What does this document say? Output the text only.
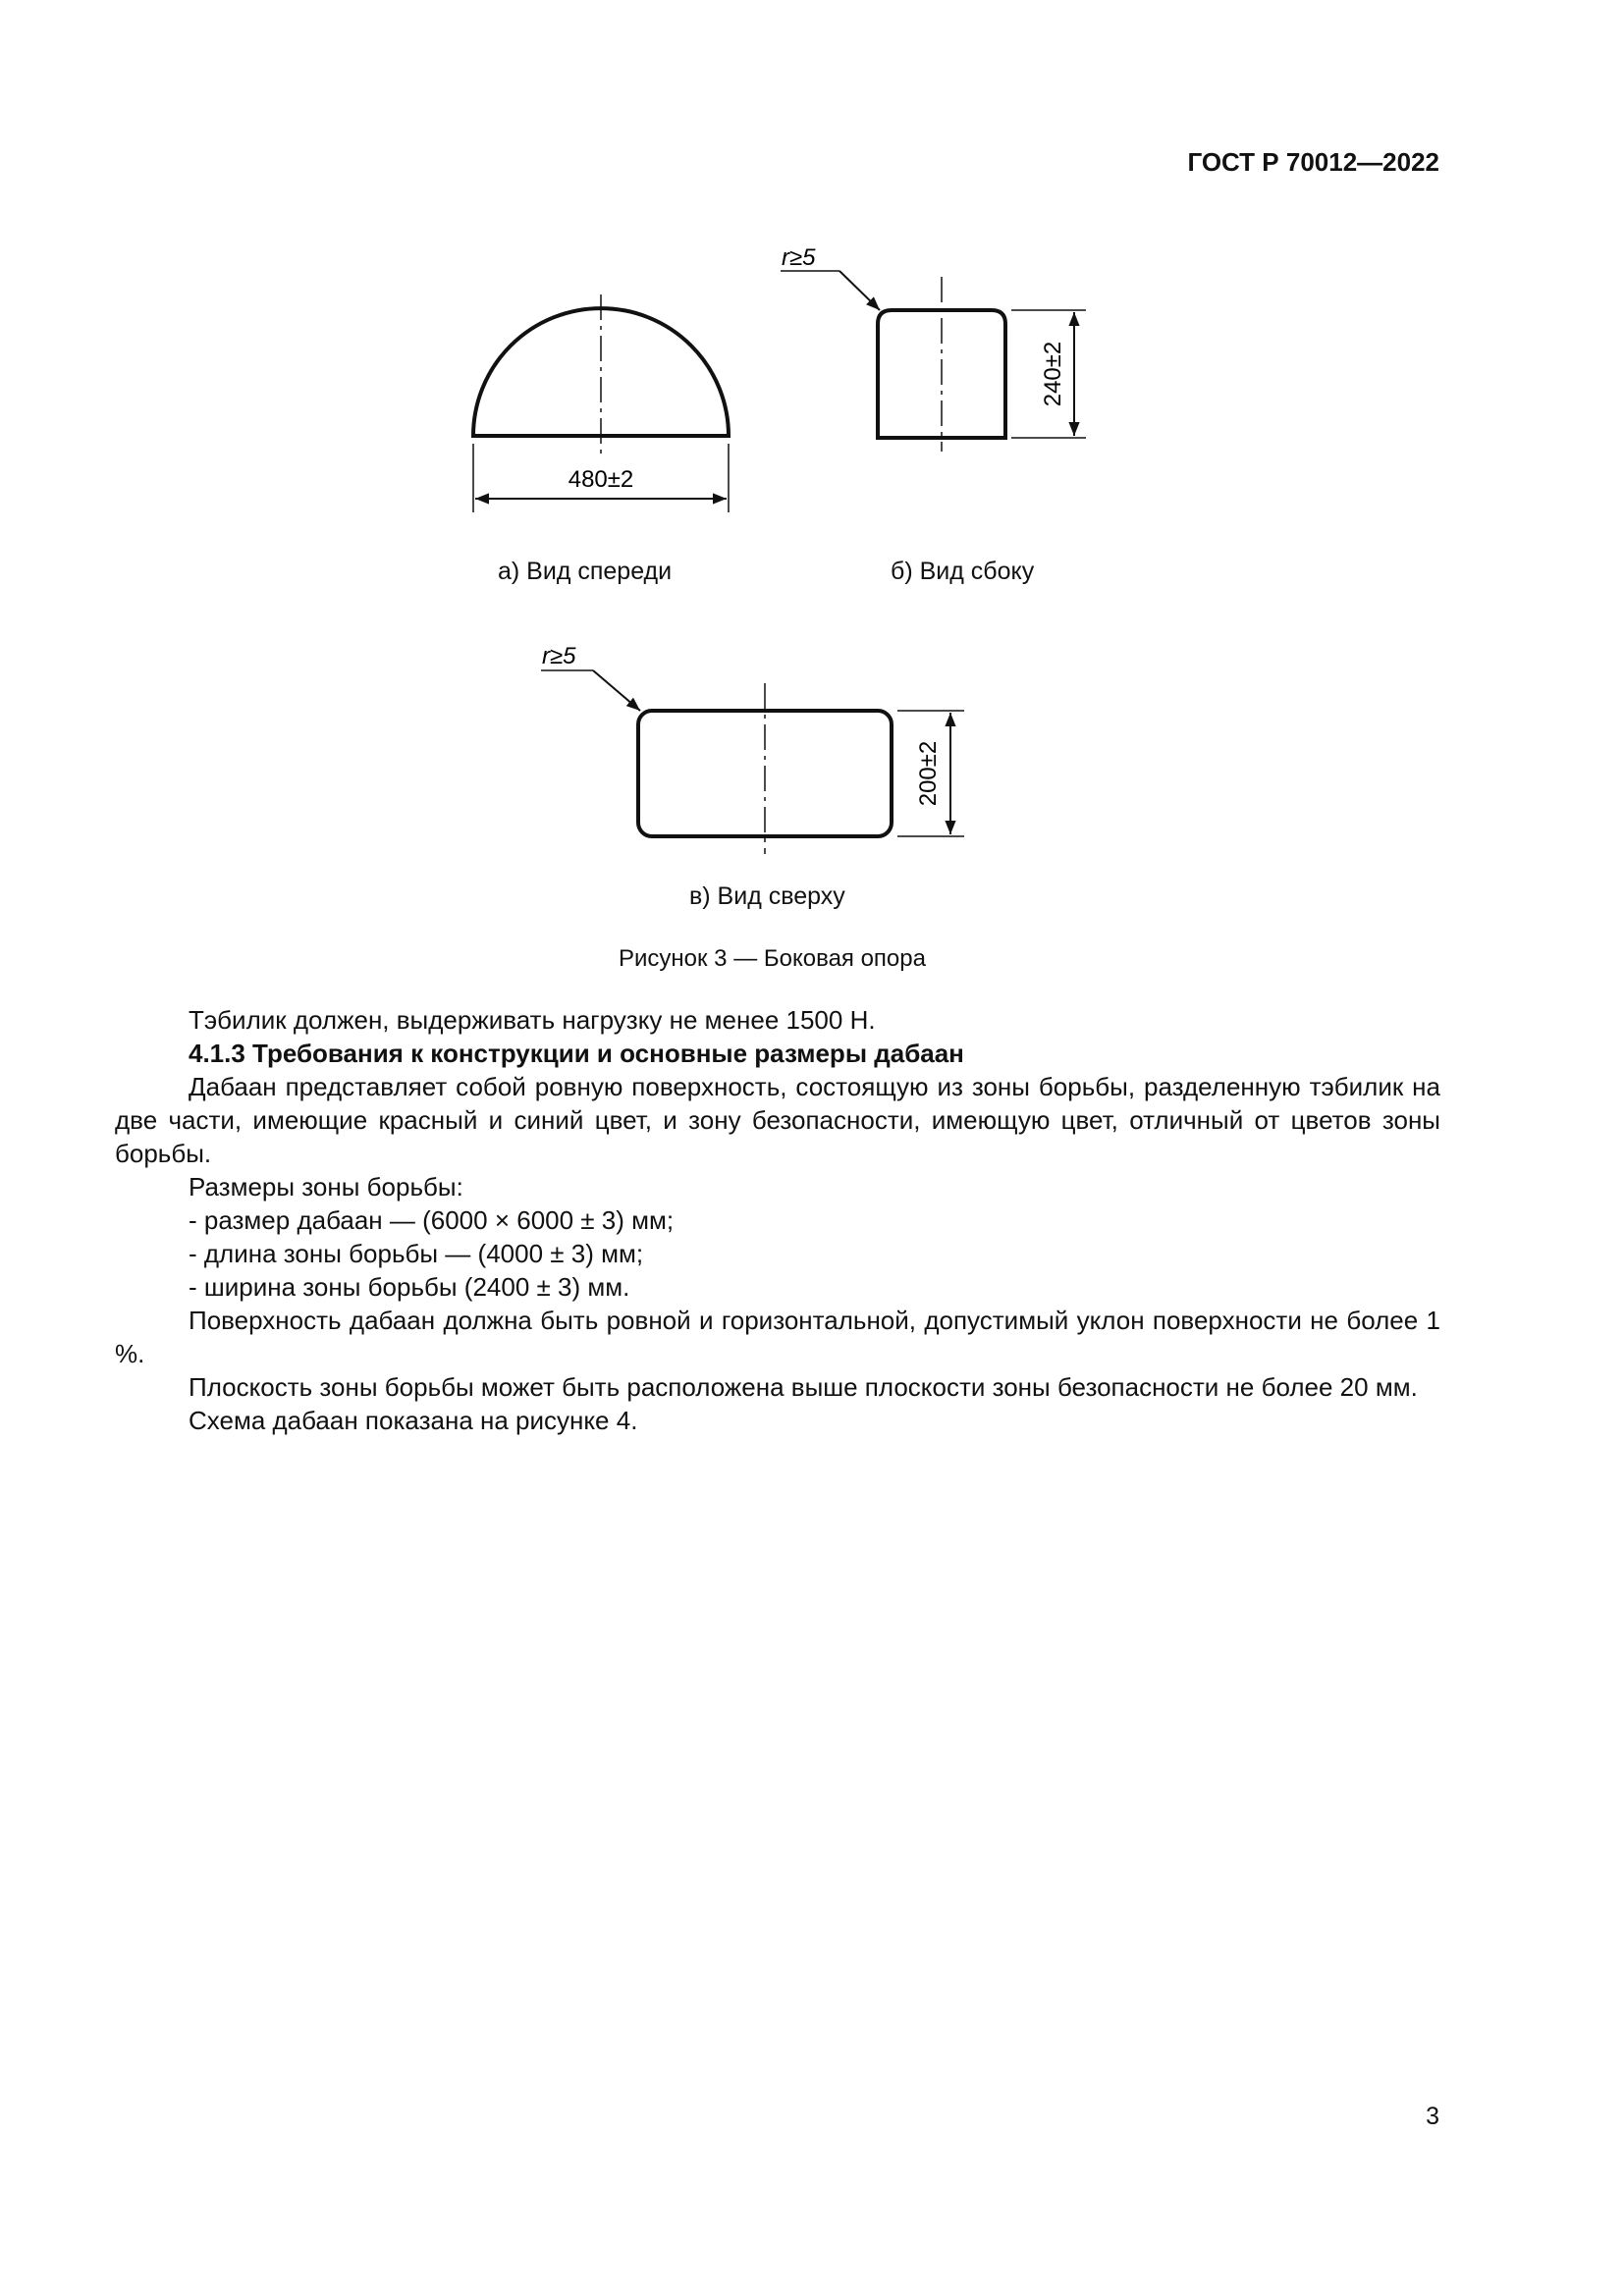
ГОСТ Р 70012—2022
480±2
r≥5
240±2
r≥5
200±2
а) Вид спереди	б) Вид сбоку
в) Вид сверху
Рисунок 3 — Боковая опора

Тэбилик должен, выдерживать нагрузку не менее 1500 Н.

4.1.3 Требования к конструкции и основные размеры дабаан

Дабаан представляет собой ровную поверхность, состоящую из зоны борьбы, разделенную тэбилик на две части, имеющие красный и синий цвет, и зону безопасности, имеющую цвет, отличный от цветов зоны борьбы.

Размеры зоны борьбы:

- размер дабаан — (6000 × 6000 ± 3) мм;

- длина зоны борьбы — (4000 ± 3) мм;

- ширина зоны борьбы (2400 ± 3) мм.

Поверхность дабаан должна быть ровной и горизонтальной, допустимый уклон поверхности не более 1 %.

Плоскость зоны борьбы может быть расположена выше плоскости зоны безопасности не более 20 мм.

Схема дабаан показана на рисунке 4.

3
